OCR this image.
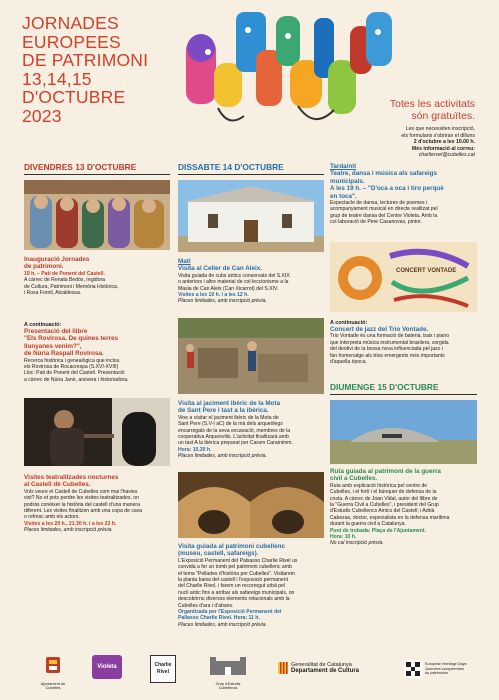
JORNADES
EUROPEES
DE PATRIMONI
13,14,15
D'OCTUBRE
2023
Totes les activitats
són gratuïtes.
Les que necessiten inscripció,
els formularis s'obriran el dilluns
2 d'octubre a les 10.00 h.
Més informació al correu:
charliervel@cubelles.cat
DIVENDRES 13 D'OCTUBRE
Inauguració Jornades
de patrimoni.
19 h. – Pati de Ponent del Castell.
A càrrec de Renata Bedós, regidora
de Cultura, Patrimoni i Memòria Històrica,
i Rosa Fornil, Alcaldessa.
A continuació:
Presentació del llibre
"Els Rovirosa. De quines terres
llunyanes venim?",
de Núria Raspall Rovirosa.
Recerca històrica i genealògica que inclou
els Rovirosa de Rocacrespa (S.XVI-XVIII)
Lloc: Pati de Ponent del Castell. Presentació
a càrrec de Núria Janè, arxivera i historiadora.
Visites teatralitzades nocturnes
al Castell de Cubelles.
Vols veure el Castell de Cubelles com mai l'havies
vist? No et pots perdre les visites teatralitzades, on
podràs conèixer la història del castell d'una manera
diferent. Les visites finalitzen amb una copa de cava
o refresc amb els actors.
Visites a les 20 h., 21.30 h. i a les 23 h.
Places limitades, amb inscripció prèvia.
DISSABTE 14 D'OCTUBRE
Matí
Visita al Celler de Can Aleix.
Visita guiada de cubs antics conservats del S.XIX
o anteriors i altre material de col·leccionisme a la
Masia de Can Aleix (Can Xicarrot) del S.XIV.
Visites a les 10 h. i a les 12 h.
Places limitades, amb inscripció prèvia.
Visita al jaciment ibèric de la Mota
de Sant Pere i tast a la ibèrica.
Vine a visitar el jaciment ibèric de la Mota de
Sant Pere (S.V-I aC) de la mà dels arqueòlegs
encarregats de la seva excavació, membres de la
cooperativa Arqueovilis. L'activitat finalitzarà amb
un tast A la ibèrica preparat per Caram Caramimm.
Hora: 10.30 h.
Places limitades, amb inscripció prèvia.
Visita guiada al patrimoni cubellenc
(museu, castell, safareigs).
L'Exposició Permanent del Palsasso Charlie Rivel us
convida a fer un tomb pel patrimoni cubellenc amb
el tema "Pellades d'història per Cubelles". Visitarem
la planta baixa del castell i l'exposició permanent
del Charlie Rivel, i farem un recorregut urbà pel
nucli antic fins a arribar als safareigs municipals, on
descobrirnu diversos elements relacionals amb la
Cubelles d'ara i d'abans.
Organitzada per l'Exposició Permanent del
Pallasso Charlie Rivel. Hora: 11 h.
Places limitades, amb inscripció prèvia.
Tarda/nit
Teatre, dansa i música als safareigs
municipals.
A les 19 h. – "D'oca a oca i tiro perquè
en toca".
Espectacle de dansa, lectures de poemes i
acompanyament musical en directe realitzat pel
grup de teatre dansa del Centre Violeta. Amb la
col·laboració de Pere Casanovas, pintor.
CONCERT VONTADE
A continuació:
Concert de jazz del Trio Vontade.
Trio Vontade és una formació de bateria, baix i piano
que interpreta música instrumental brasilera, sorgida
del deotivi de la bossa nova influenciada pel jazz i
fan homenatge als trios emergents més importants
d'aquella època.
DIUMENGE 15 D'OCTUBRE
Ruta guiada al patrimoni de la guerra
civil a Cubelles.
Ruta amb explicació històrica pel centre de
Cubelles, i el fortí i el búnquer de defensa de la
costa. A càrrec de Joan Vidal, autor del llibre de
la "Guerra Civil a Cubelles", i president del Grup
d'Estudis Cubellencs Amics del Castell; i Adrià
Cabezas, doctor, especialista en la defensa marítima
durant la guerra civil a Catalunya.
Punt de trobada: Plaça de l'Ajuntament.
Hora: 10 h.
No cal inscripció prèvia.
Ajuntament de Cubelles
Violeta	Charlie
Rivel
Grup d'Estudis Cubellencs
Generalitat de Catalunya
Departament de Cultura
European Heritage Days
Journées européennes
du patrimoine
